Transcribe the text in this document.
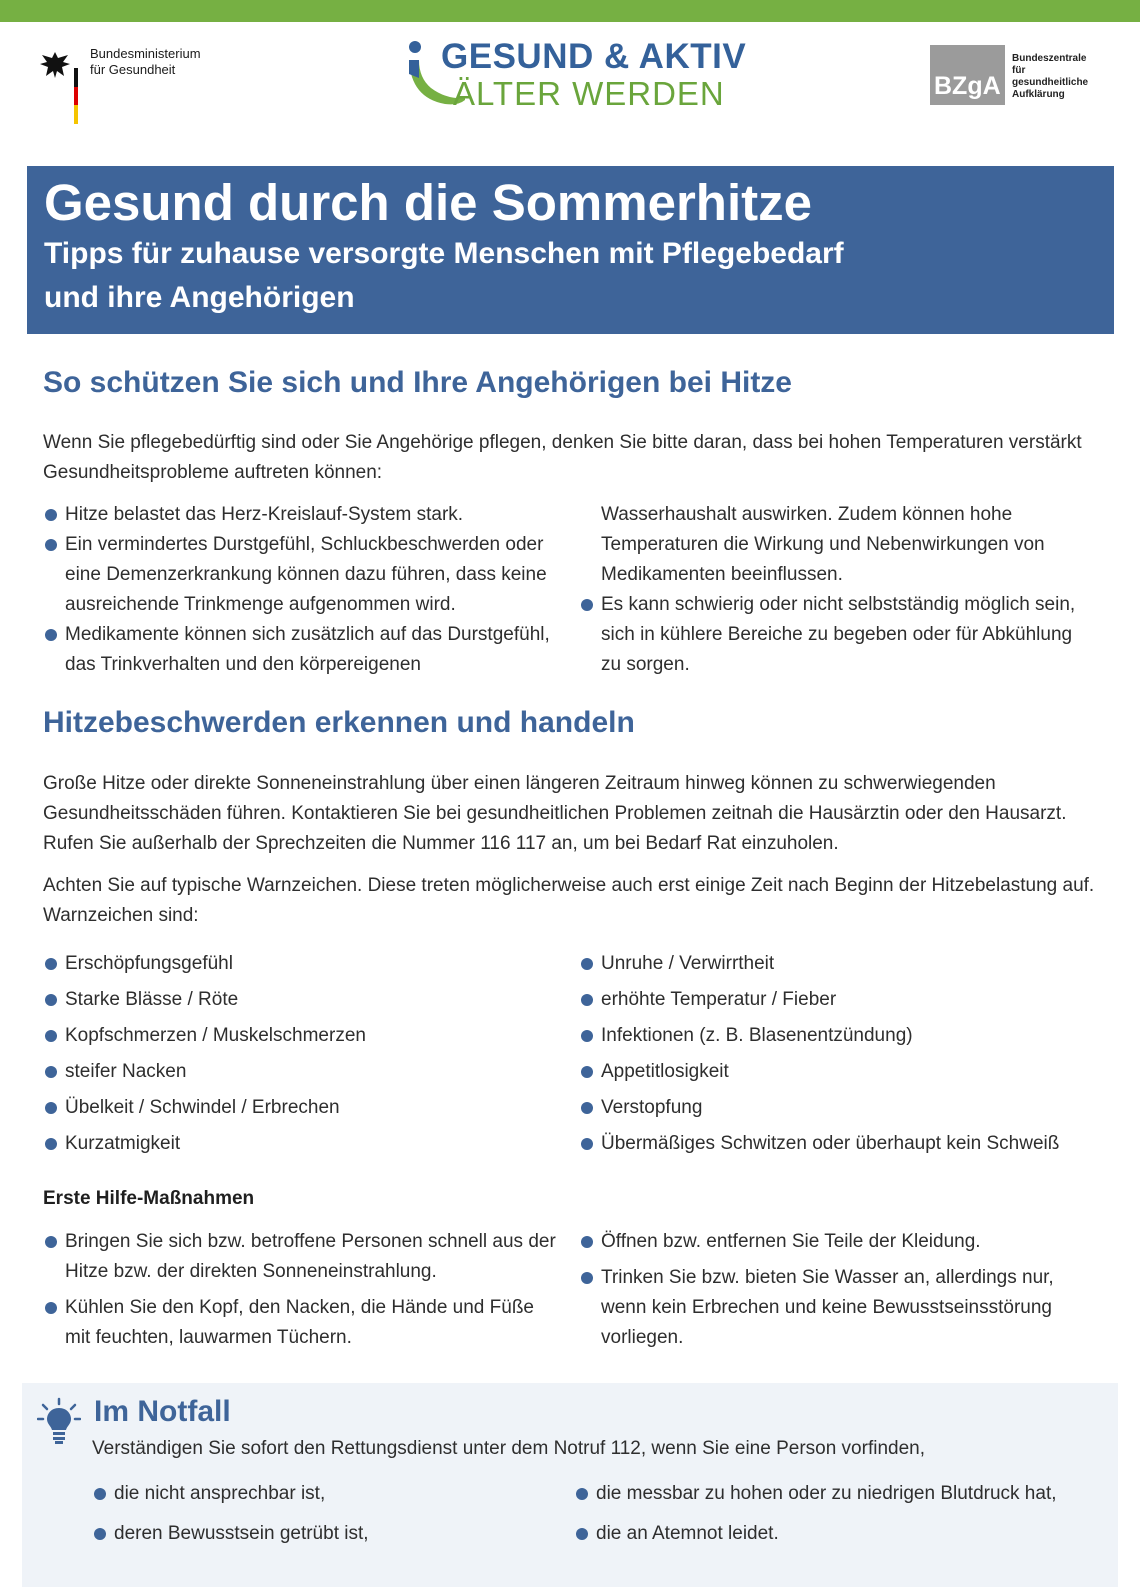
Bundesministerium
für Gesundheit	GESUND & AKTIV
ÄLTER WERDEN	BZgA
Bundeszentrale
für
gesundheitliche
Aufklärung
Gesund durch die Sommerhitze
Tipps für zuhause versorgte Menschen mit Pflegebedarf
und ihre Angehörigen
So schützen Sie sich und Ihre Angehörigen bei Hitze

Wenn Sie pflegebedürftig sind oder Sie Angehörige pflegen, denken Sie bitte daran, dass bei hohen Temperaturen verstärkt Gesundheitsprobleme auftreten können:

Hitze belastet das Herz-Kreislauf-System stark.
Ein vermindertes Durstgefühl, Schluckbeschwerden oder eine Demenzerkrankung können dazu führen, dass keine ausreichende Trinkmenge aufgenommen wird.
Medikamente können sich zusätzlich auf das Durstgefühl, das Trinkverhalten und den körpereigenen

Wasserhaushalt auswirken. Zudem können hohe Temperaturen die Wirkung und Nebenwirkungen von Medikamenten beeinflussen.

Es kann schwierig oder nicht selbstständig möglich sein, sich in kühlere Bereiche zu begeben oder für Abkühlung zu sorgen.
Hitzebeschwerden erkennen und handeln

Große Hitze oder direkte Sonneneinstrahlung über einen längeren Zeitraum hinweg können zu schwerwiegenden Gesundheitsschäden führen. Kontaktieren Sie bei gesundheitlichen Problemen zeitnah die Hausärztin oder den Hausarzt. Rufen Sie außerhalb der Sprechzeiten die Nummer 116 117 an, um bei Bedarf Rat einzuholen.

Achten Sie auf typische Warnzeichen. Diese treten möglicherweise auch erst einige Zeit nach Beginn der Hitzebelastung auf. Warnzeichen sind:

Erschöpfungsgefühl
Starke Blässe / Röte
Kopfschmerzen / Muskelschmerzen
steifer Nacken
Übelkeit / Schwindel / Erbrechen
Kurzatmigkeit
Unruhe / Verwirrtheit
erhöhte Temperatur / Fieber
Infektionen (z. B. Blasenentzündung)
Appetitlosigkeit
Verstopfung
Übermäßiges Schwitzen oder überhaupt kein Schweiß

Erste Hilfe-Maßnahmen

Bringen Sie sich bzw. betroffene Personen schnell aus der Hitze bzw. der direkten Sonneneinstrahlung.
Kühlen Sie den Kopf, den Nacken, die Hände und Füße mit feuchten, lauwarmen Tüchern.
Öffnen bzw. entfernen Sie Teile der Kleidung.
Trinken Sie bzw. bieten Sie Wasser an, allerdings nur, wenn kein Erbrechen und keine Bewusstseinsstörung vorliegen.
Im Notfall

Verständigen Sie sofort den Rettungsdienst unter dem Notruf 112, wenn Sie eine Person vorfinden,

die nicht ansprechbar ist,
deren Bewusstsein getrübt ist,
die messbar zu hohen oder zu niedrigen Blutdruck hat,
die an Atemnot leidet.
